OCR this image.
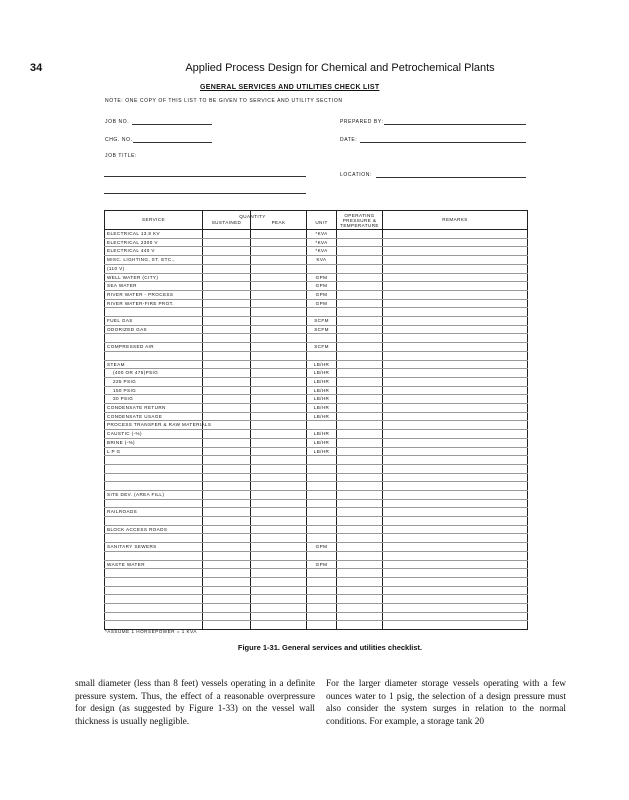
34	Applied Process Design for Chemical and Petrochemical Plants
GENERAL SERVICES AND UTILITIES CHECK LIST
NOTE: ONE COPY OF THIS LIST TO BE GIVEN TO SERVICE AND UTILITY SECTION
JOB NO.
CHG. NO.
JOB TITLE:
PREPARED BY:
DATE:
LOCATION:
SERVICE	QUANTITY
SUSTAINED	PEAK	UNIT	OPERATING PRESSURE & TEMPERATURE	REMARKS
ELECTRICAL 13.8 KV			*KVA		
ELECTRICAL 2300 V			*KVA		
ELECTRICAL 440 V			*KVA		
MISC. LIGHTING, ST. ETC.,			KVA		
(110 V)					
WELL WATER (CITY)			GPM		
SEA WATER			GPM		
RIVER WATER - PROCESS			GPM		
RIVER WATER-FIRE PROT.			GPM		

FUEL GAS			SCFM		
ODORIZED GAS			SCFM		

COMPRESSED AIR			SCFM		

STEAM			LB/HR		
(400 OR 475)PSIG			LB/HR		
225 PSIG			LB/HR		
150 PSIG			LB/HR		
30 PSIG			LB/HR		
CONDENSATE RETURN			LB/HR		
CONDENSATE USAGE			LB/HR		
PROCESS TRANSFER & RAW MATERIALS					
CAUSTIC (-%)			LB/HR		
BRINE (-%)			LB/HR		
L P G			LB/HR		

SITE DEV. (AREA FILL)					

RAILROADS					

BLOCK ACCESS ROADS					

SANITARY SEWERS			GPM		

WASTE WATER			GPM		

*ASSUME 1 HORSEPOWER = 1 KVA
Figure 1-31. General services and utilities checklist.
small diameter (less than 8 feet) vessels operating in a definite pressure system. Thus, the effect of a reasonable overpressure for design (as suggested by Figure 1-33) on the vessel wall thickness is usually negligible.
For the larger diameter storage vessels operating with a few ounces water to 1 psig, the selection of a design pressure must also consider the system surges in relation to the normal conditions. For example, a storage tank 20
